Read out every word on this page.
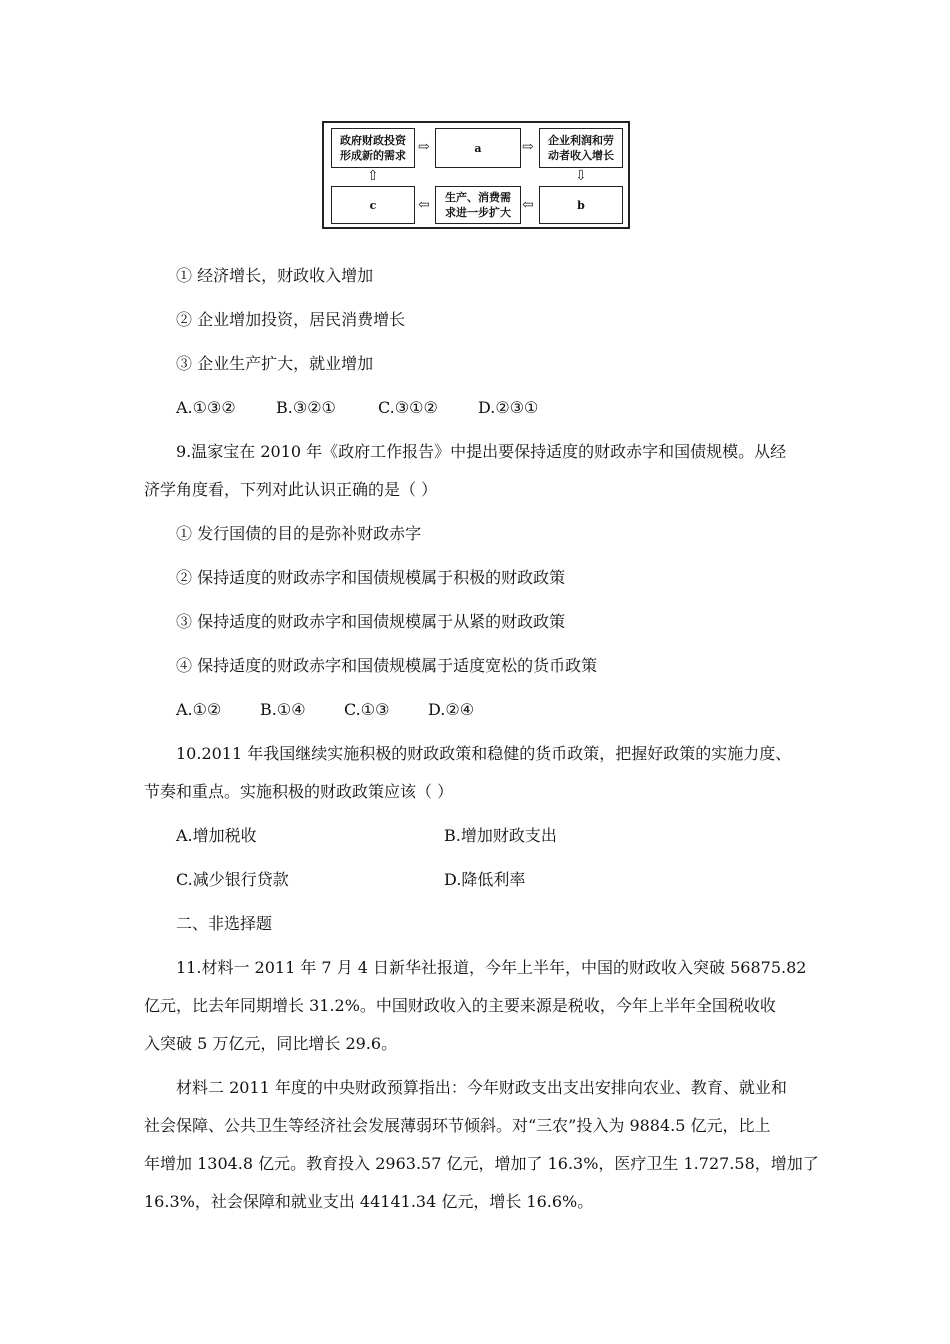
政府财政投资
形成新的需求
⇨	a	⇨ 企业利润和劳
动者收入增长
⇩
⇧
c	⇦ 生产、消费需
求进一步扩大 ⇦	b
① 经济增长，财政收入增加
② 企业增加投资，居民消费增长
③ 企业生产扩大，就业增加
A.①③②	B.③②①	C.③①②	D.②③①
9.温家宝在 2010 年《政府工作报告》中提出要保持适度的财政赤字和国债规模。从经
济学角度看，下列对此认识正确的是（ ）
① 发行国债的目的是弥补财政赤字
② 保持适度的财政赤字和国债规模属于积极的财政政策
③ 保持适度的财政赤字和国债规模属于从紧的财政政策
④ 保持适度的财政赤字和国债规模属于适度宽松的货币政策
A.①② B.①④ C.①③ D.②④
10.2011 年我国继续实施积极的财政政策和稳健的货币政策，把握好政策的实施力度、
节奏和重点。实施积极的财政政策应该（ ）
A.增加税收	B.增加财政支出
C.减少银行贷款	D.降低利率
二、非选择题
11.材料一 2011 年 7 月 4 日新华社报道，今年上半年，中国的财政收入突破 56875.82
亿元，比去年同期增长 31.2%。中国财政收入的主要来源是税收，今年上半年全国税收收
入突破 5 万亿元，同比增长 29.6。
材料二 2011 年度的中央财政预算指出：今年财政支出支出安排向农业、教育、就业和
社会保障、公共卫生等经济社会发展薄弱环节倾斜。对“三农”投入为 9884.5 亿元，比上
年增加 1304.8 亿元。教育投入 2963.57 亿元，增加了 16.3%，医疗卫生 1.727.58，增加了
16.3%，社会保障和就业支出 44141.34 亿元，增长 16.6%。
